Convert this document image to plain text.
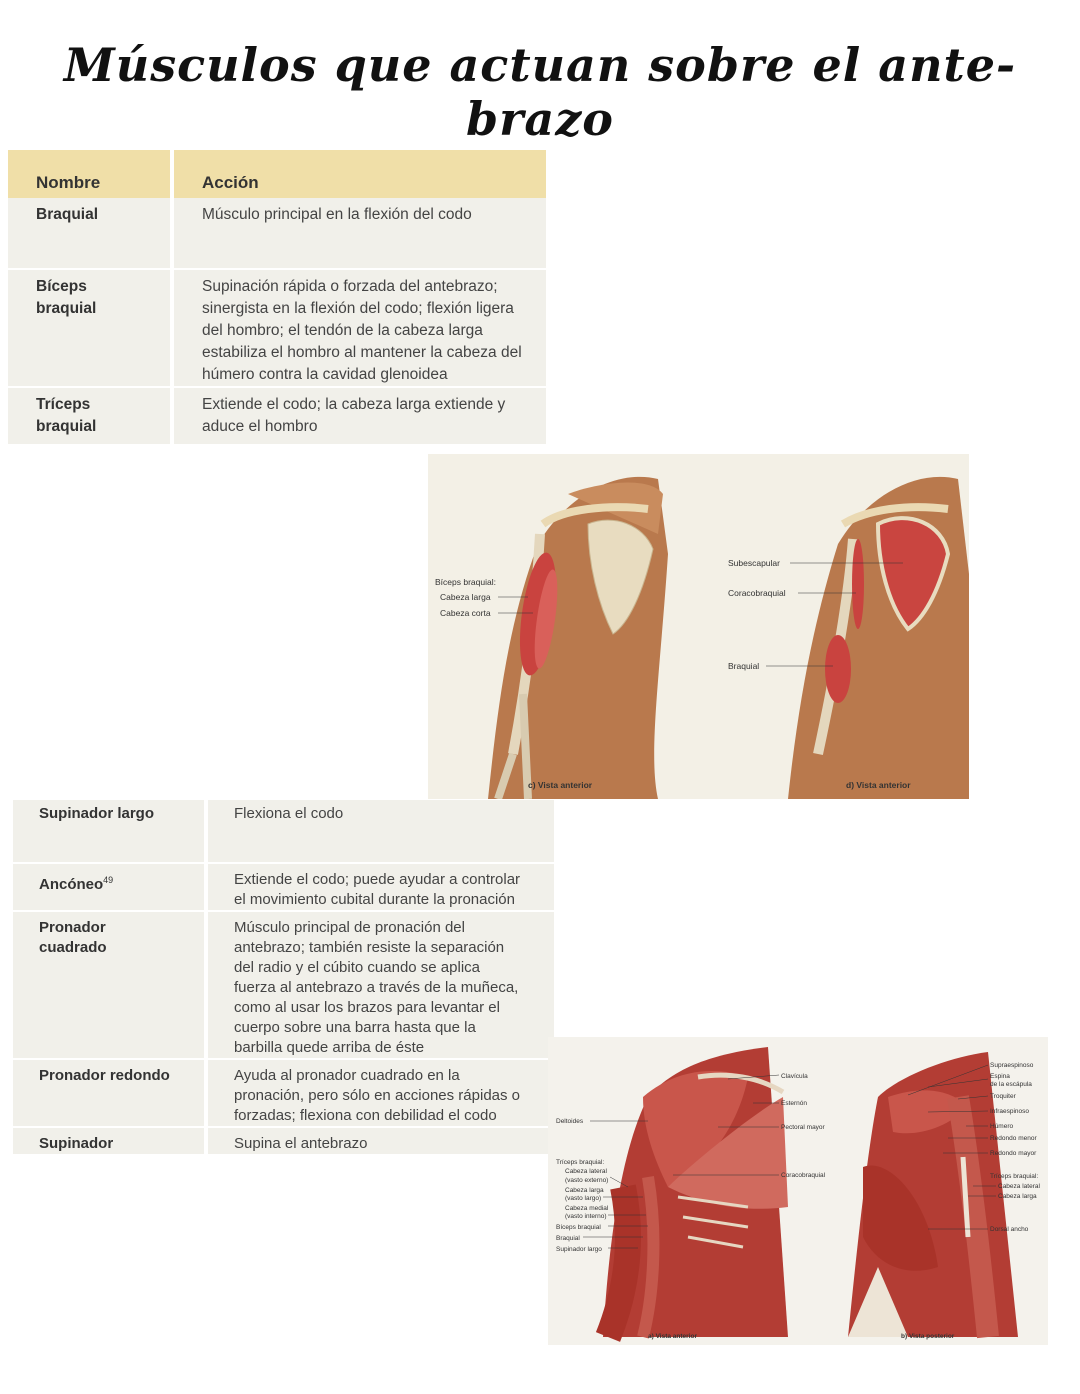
Músculos que actuan sobre el ante-brazo
Nombre	Acción
Braquial	Músculo principal en la flexión del codo
Bíceps braquial	Supinación rápida o forzada del antebrazo; sinergista en la flexión del codo; flexión ligera del hombro; el tendón de la cabeza larga estabiliza el hombro al mantener la cabeza del húmero contra la cavidad glenoidea
Tríceps braquial	Extiende el codo; la cabeza larga extiende y aduce el hombro
Bíceps braquial:
Cabeza larga
Cabeza corta
Subescapular
Coracobraquial
Braquial
c) Vista anterior	d) Vista anterior
Supinador largo	Flexiona el codo
Ancóneo$^{49}$	Extiende el codo; puede ayudar a controlar el movimiento cubital durante la pronación
Pronador cuadrado	Músculo principal de pronación del antebrazo; también resiste la separación del radio y el cúbito cuando se aplica fuerza al antebrazo a través de la muñeca, como al usar los brazos para levantar el cuerpo sobre una barra hasta que la barbilla quede arriba de éste
Pronador redondo	Ayuda al pronador cuadrado en la pronación, pero sólo en acciones rápidas o forzadas; flexiona con debilidad el codo
Supinador	Supina el antebrazo
Deltoides
Tríceps braquial:
Cabeza lateral
(vasto externo)
Cabeza larga
(vasto largo)
Cabeza medial
(vasto interno)
Bíceps braquial
Braquial
Supinador largo
Clavícula
Esternón
Pectoral mayor
Coracobraquial
Supraespinoso
Espina
de la escápula
Troquiter
Infraespinoso
Húmero
Redondo menor
Redondo mayor
Tríceps braquial:
Cabeza lateral
Cabeza larga
Dorsal ancho
a) Vista anterior	b) Vista posterior
